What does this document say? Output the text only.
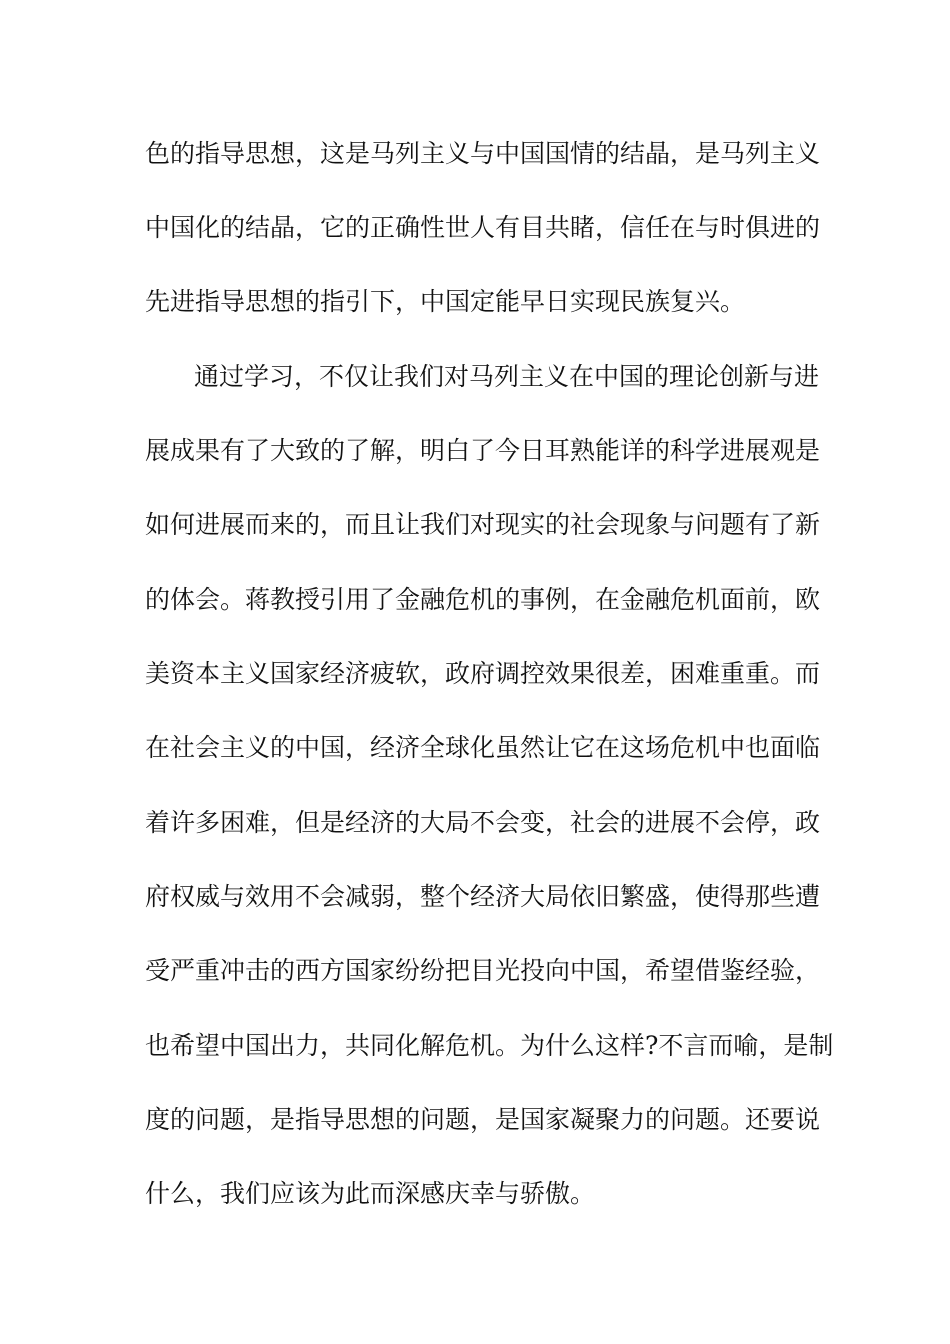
色的指导思想，这是马列主义与中国国情的结晶，是马列主义
中国化的结晶，它的正确性世人有目共睹，信任在与时俱进的
先进指导思想的指引下，中国定能早日实现民族复兴。
通过学习，不仅让我们对马列主义在中国的理论创新与进
展成果有了大致的了解，明白了今日耳熟能详的科学进展观是
如何进展而来的，而且让我们对现实的社会现象与问题有了新
的体会。蒋教授引用了金融危机的事例，在金融危机面前，欧
美资本主义国家经济疲软，政府调控效果很差，困难重重。而
在社会主义的中国，经济全球化虽然让它在这场危机中也面临
着许多困难，但是经济的大局不会变，社会的进展不会停，政
府权威与效用不会减弱，整个经济大局依旧繁盛，使得那些遭
受严重冲击的西方国家纷纷把目光投向中国，希望借鉴经验，
也希望中国出力，共同化解危机。为什么这样?不言而喻，是制
度的问题，是指导思想的问题，是国家凝聚力的问题。还要说
什么，我们应该为此而深感庆幸与骄傲。
